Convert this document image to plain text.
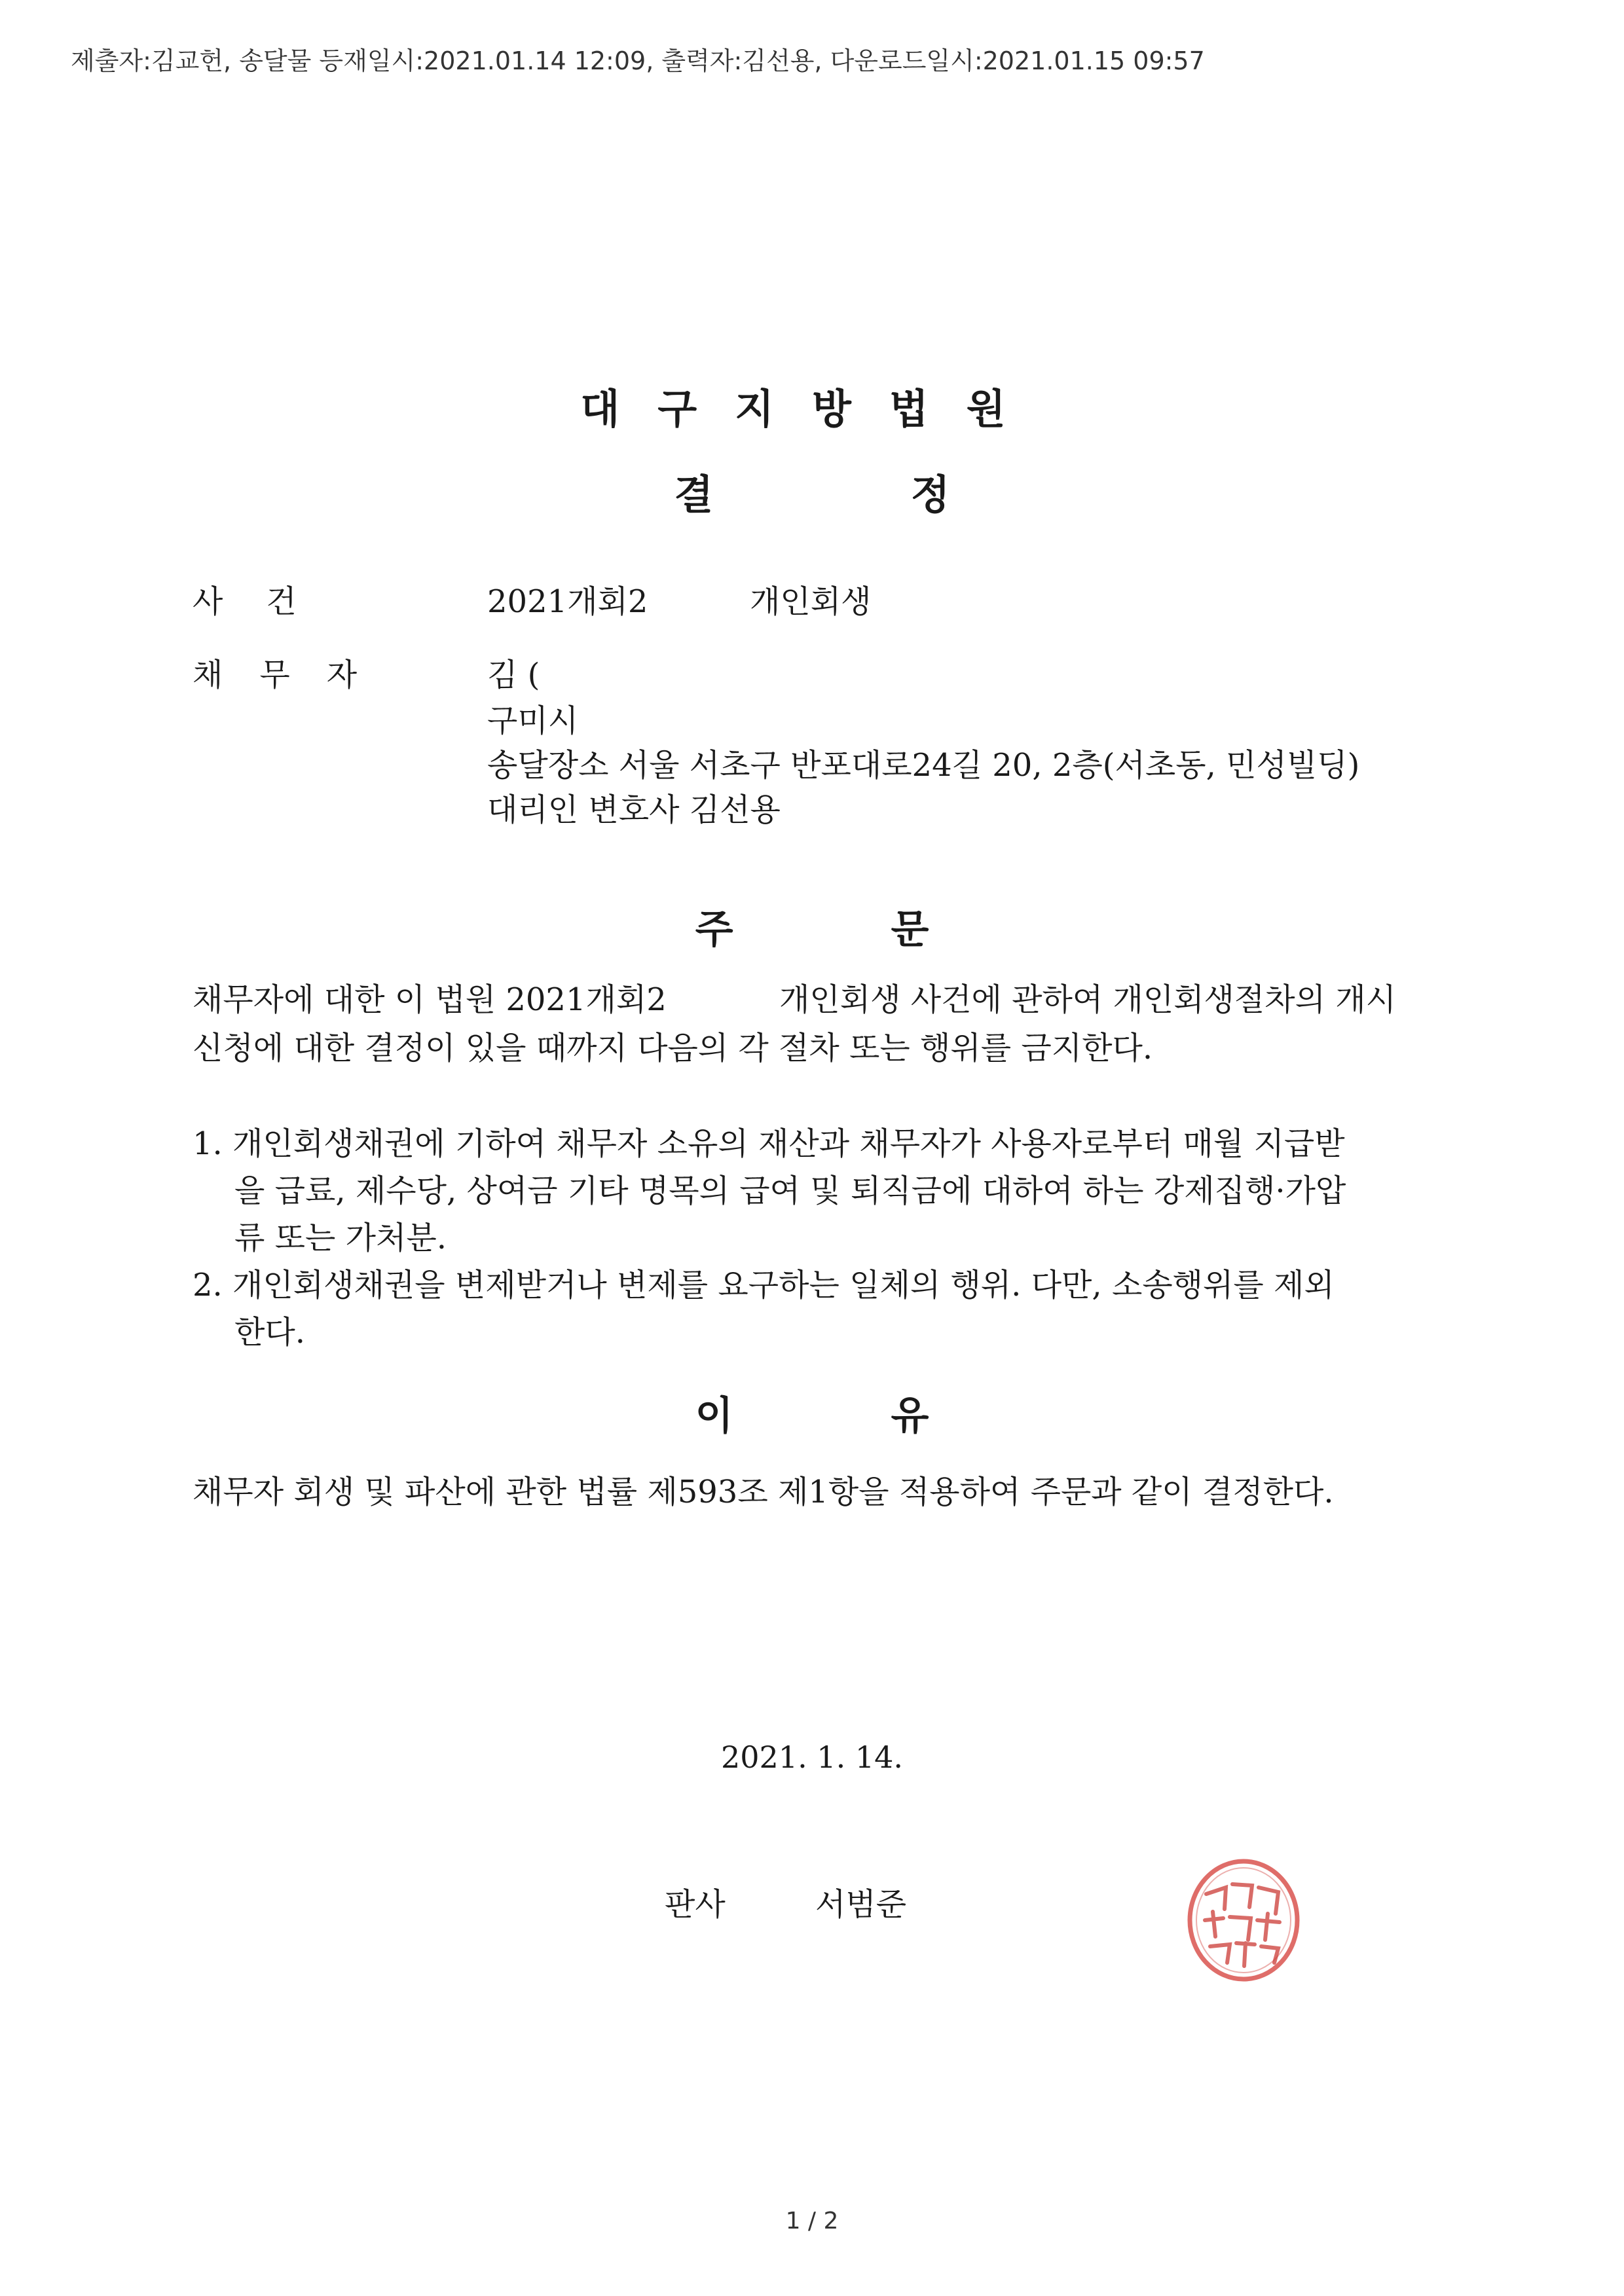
제출자:김교헌, 송달물 등재일시:2021.01.14 12:09, 출력자:김선용, 다운로드일시:2021.01.15 09:57
대구지방법원
결 정
사건	2021개회2	개인회생
채무자	김 (
구미시
송달장소 서울 서초구 반포대로24길 20, 2층(서초동, 민성빌딩)
대리인 변호사 김선용
주 문
채무자에 대한 이 법원 2021개회2	개인회생 사건에 관하여 개인회생절차의 개시
신청에 대한 결정이 있을 때까지 다음의 각 절차 또는 행위를 금지한다.
1. 개인회생채권에 기하여 채무자 소유의 재산과 채무자가 사용자로부터 매월 지급받
을 급료, 제수당, 상여금 기타 명목의 급여 및 퇴직금에 대하여 하는 강제집행·가압
류 또는 가처분.
2. 개인회생채권을 변제받거나 변제를 요구하는 일체의 행위. 다만, 소송행위를 제외
한다.
이 유
채무자 회생 및 파산에 관한 법률 제593조 제1항을 적용하여 주문과 같이 결정한다.
2021. 1. 14.
판사	서범준
1 / 2
